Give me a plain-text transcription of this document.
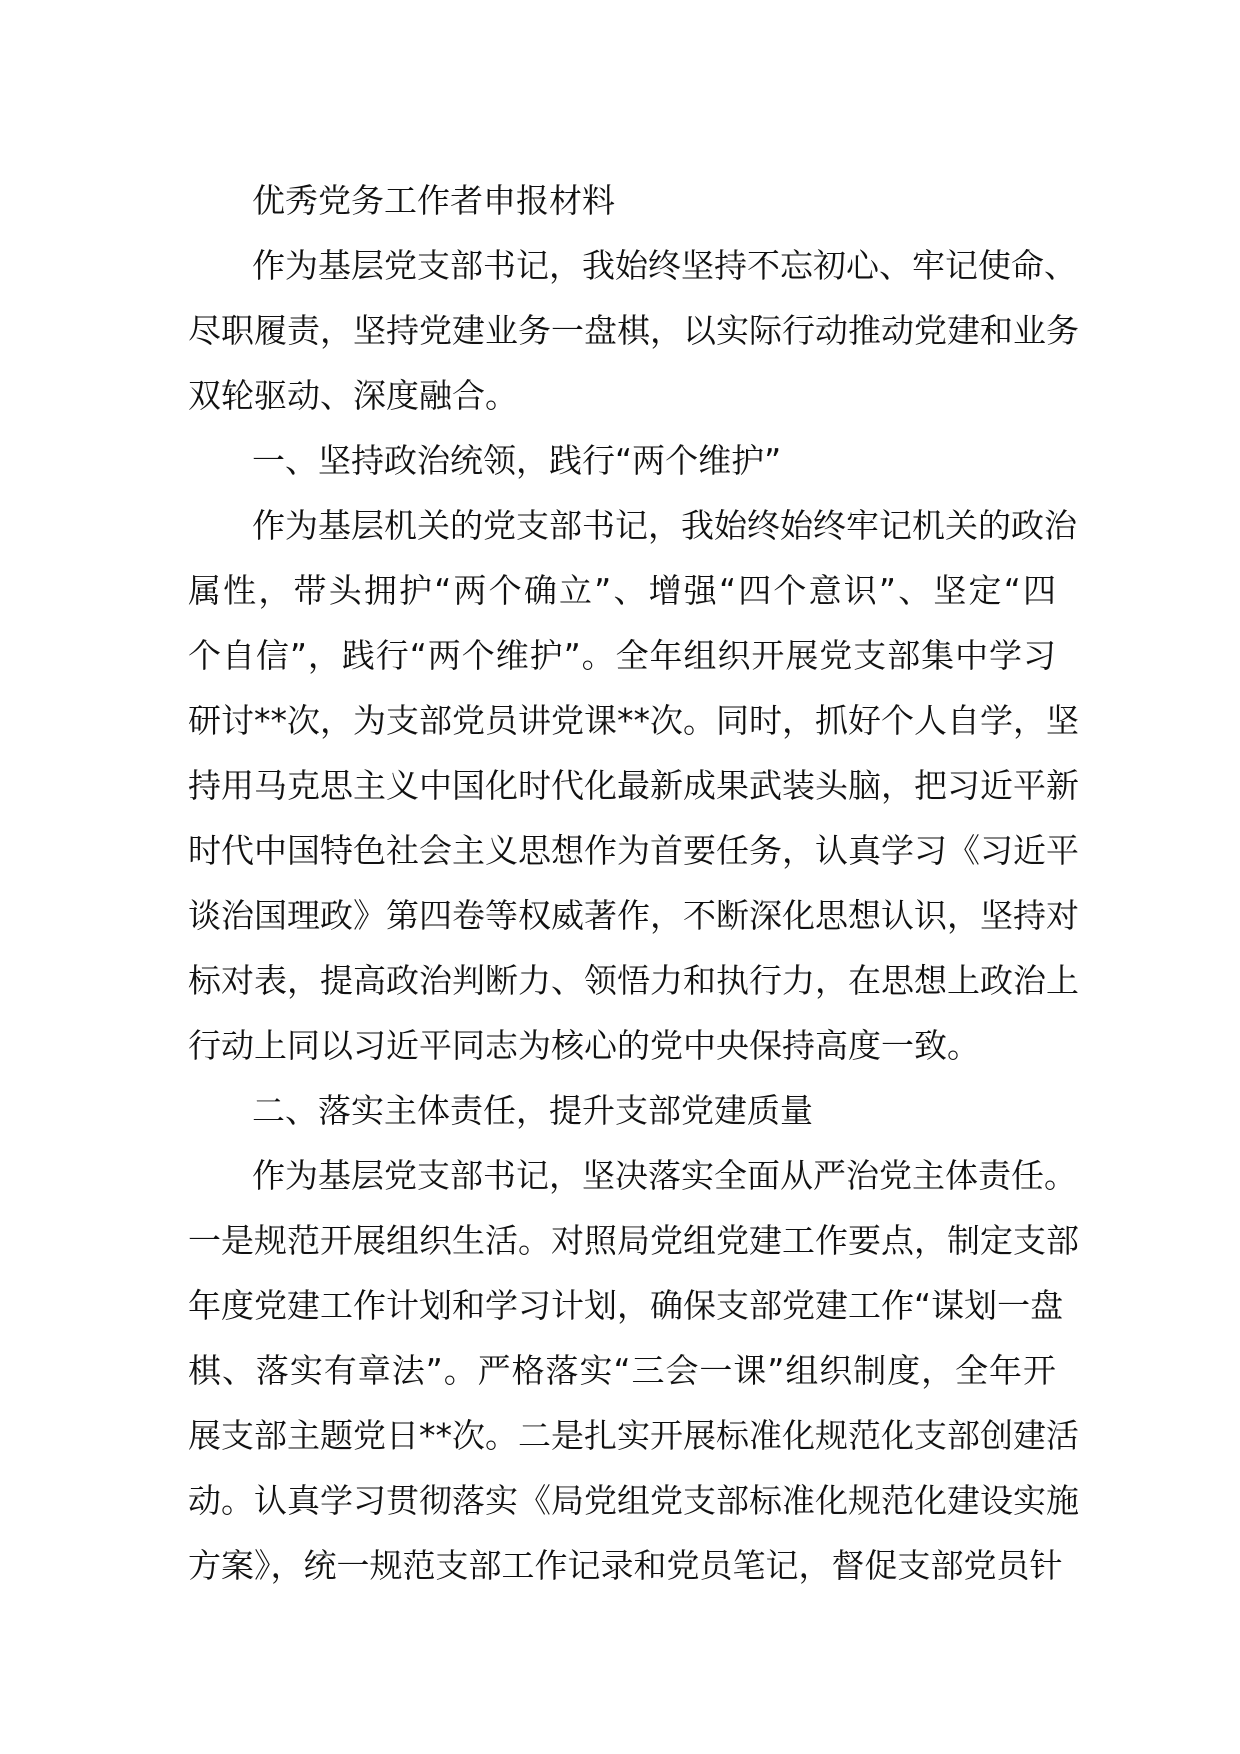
优秀党务工作者申报材料
作为基层党支部书记，我始终坚持不忘初心、牢记使命、
尽职履责，坚持党建业务一盘棋，以实际行动推动党建和业务
双轮驱动、深度融合。
一、坚持政治统领，践行“两个维护”
作为基层机关的党支部书记，我始终始终牢记机关的政治
属性，带头拥护“两个确立”、增强“四个意识”、坚定“四
个自信”，践行“两个维护”。全年组织开展党支部集中学习
研讨**次，为支部党员讲党课**次。同时，抓好个人自学，坚
持用马克思主义中国化时代化最新成果武装头脑，把习近平新
时代中国特色社会主义思想作为首要任务，认真学习《习近平
谈治国理政》第四卷等权威著作，不断深化思想认识，坚持对
标对表，提高政治判断力、领悟力和执行力，在思想上政治上
行动上同以习近平同志为核心的党中央保持高度一致。
二、落实主体责任，提升支部党建质量
作为基层党支部书记，坚决落实全面从严治党主体责任。
一是规范开展组织生活。对照局党组党建工作要点，制定支部
年度党建工作计划和学习计划，确保支部党建工作“谋划一盘
棋、落实有章法”。严格落实“三会一课”组织制度，全年开
展支部主题党日**次。二是扎实开展标准化规范化支部创建活
动。认真学习贯彻落实《局党组党支部标准化规范化建设实施
方案》，统一规范支部工作记录和党员笔记，督促支部党员针
